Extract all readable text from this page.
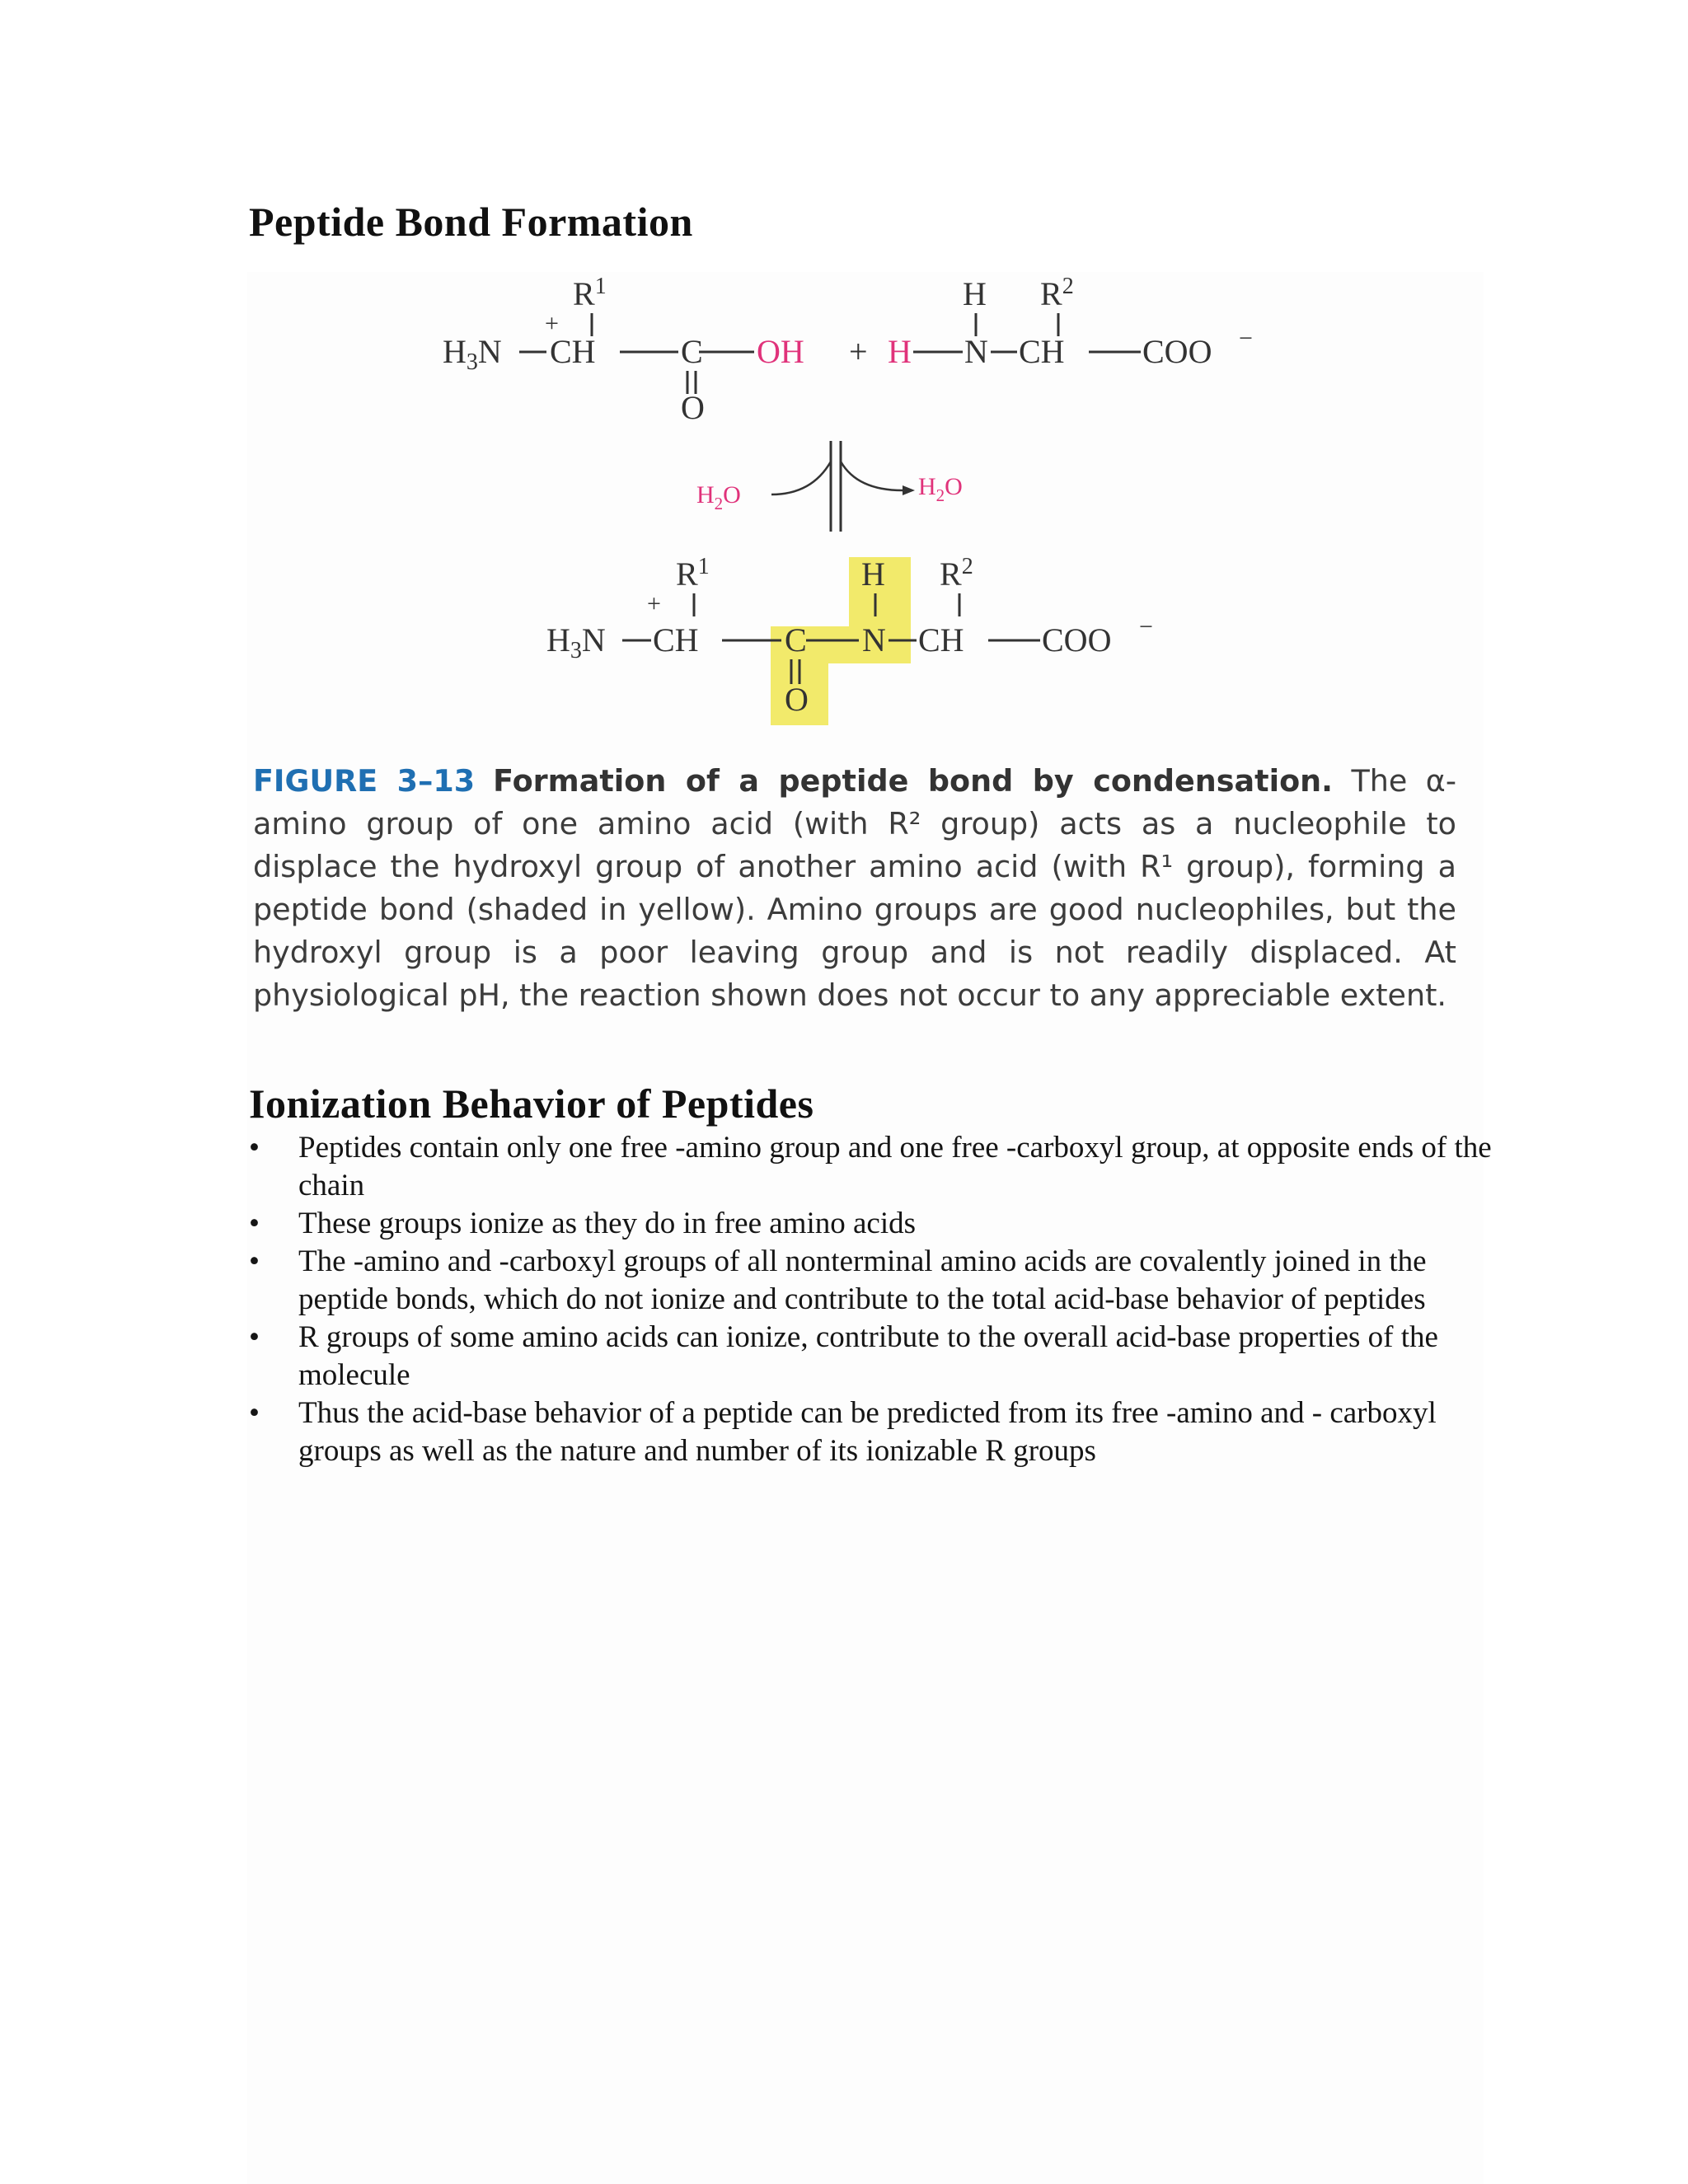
Peptide Bond Formation
$R^1$
+
$H_3N$ CH	C OH
O
+ H
H
N
$R^2$
CH COO −
$H_2O$	$H_2O$
$R^1$
+
$H_3N$ CH	C
H
N
$R^2$
CH COO −
O
FIGURE 3–13 Formation of a peptide bond by condensation. The α-amino group of one amino acid (with R² group) acts as a nucleophile to displace the hydroxyl group of another amino acid (with R¹ group), forming a peptide bond (shaded in yellow). Amino groups are good nucleophiles, but the hydroxyl group is a poor leaving group and is not readily displaced. At physiological pH, the reaction shown does not occur to any appreciable extent.
Ionization Behavior of Peptides
• Peptides contain only one free -amino group and one free -carboxyl group, at opposite ends of the chain
• These groups ionize as they do in free amino acids
• The -amino and -carboxyl groups of all nonterminal amino acids are covalently joined in the peptide bonds, which do not ionize and contribute to the total acid-base behavior of peptides
• R groups of some amino acids can ionize, contribute to the overall acid-base properties of the molecule
• Thus the acid-base behavior of a peptide can be predicted from its free -amino and - carboxyl groups as well as the nature and number of its ionizable R groups
